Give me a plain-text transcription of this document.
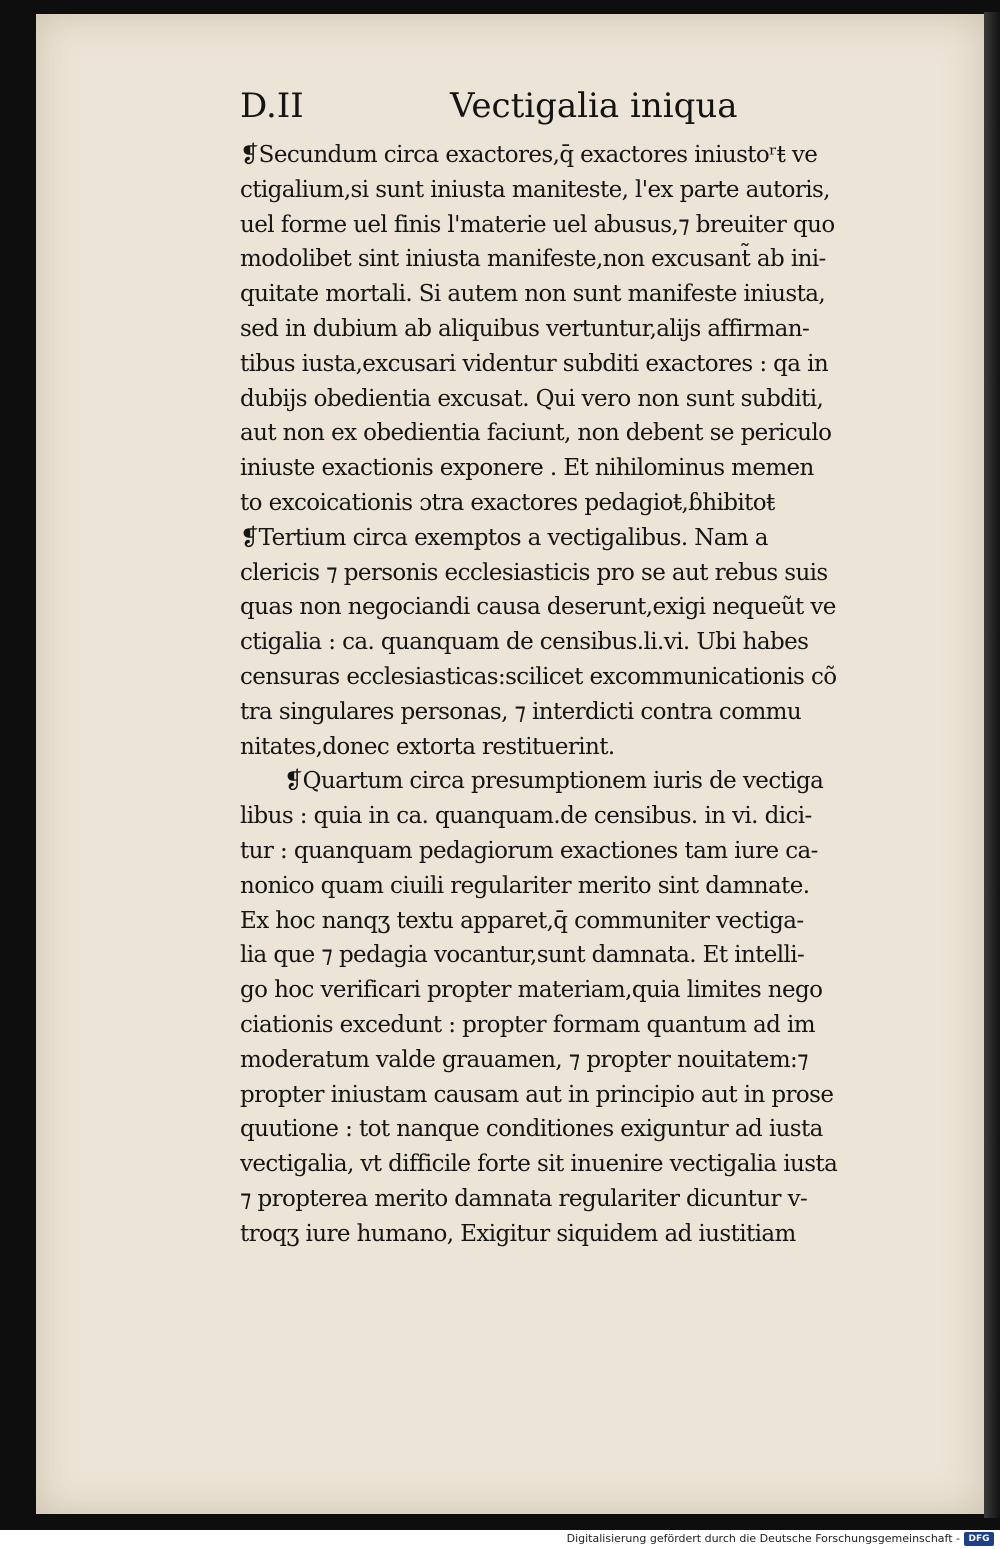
D.II	Vectigalia iniqua
❡Secundum circa exactores,q̄ exactores iniustoʳŧ ve
ctigalium,si sunt iniusta maniteste, l'ex parte autoris,
uel forme uel finis l'materie uel abusus,⁊ breuiter quo
modolibet sint iniusta manifeste,non excusant̃ ab ini-
quitate mortali. Si autem non sunt manifeste iniusta,
sed in dubium ab aliquibus vertuntur,alijs affirman-
tibus iusta,excusari videntur subditi exactores : qa in
dubijs obedientia excusat. Qui vero non sunt subditi,
aut non ex obedientia faciunt, non debent se periculo
iniuste exactionis exponere . Et nihilominus memen
to excoicationis ɔtra exactores pedagioŧ,ɓhibitoŧ
❡Tertium circa exemptos a vectigalibus. Nam a
clericis ⁊ personis ecclesiasticis pro se aut rebus suis
quas non negociandi causa deserunt,exigi nequeũt ve
ctigalia : ca. quanquam de censibus.li.vi. Ubi habes
censuras ecclesiasticas:scilicet excommunicationis cõ
tra singulares personas, ⁊ interdicti contra commu
nitates,donec extorta restituerint.
❡Quartum circa presumptionem iuris de vectiga
libus : quia in ca. quanquam.de censibus. in vi. dici-
tur : quanquam pedagiorum exactiones tam iure ca-
nonico quam ciuili regulariter merito sint damnate.
Ex hoc nanqʒ textu apparet,q̄ communiter vectiga-
lia que ⁊ pedagia vocantur,sunt damnata. Et intelli-
go hoc verificari propter materiam,quia limites nego
ciationis excedunt : propter formam quantum ad im
moderatum valde grauamen, ⁊ propter nouitatem:⁊
propter iniustam causam aut in principio aut in prose
quutione : tot nanque conditiones exiguntur ad iusta
vectigalia, vt difficile forte sit inuenire vectigalia iusta
⁊ propterea merito damnata regulariter dicuntur v-
troqʒ iure humano, Exigitur siquidem ad iustitiam
Digitalisierung gefördert durch die Deutsche Forschungsgemeinschaft - DFG
